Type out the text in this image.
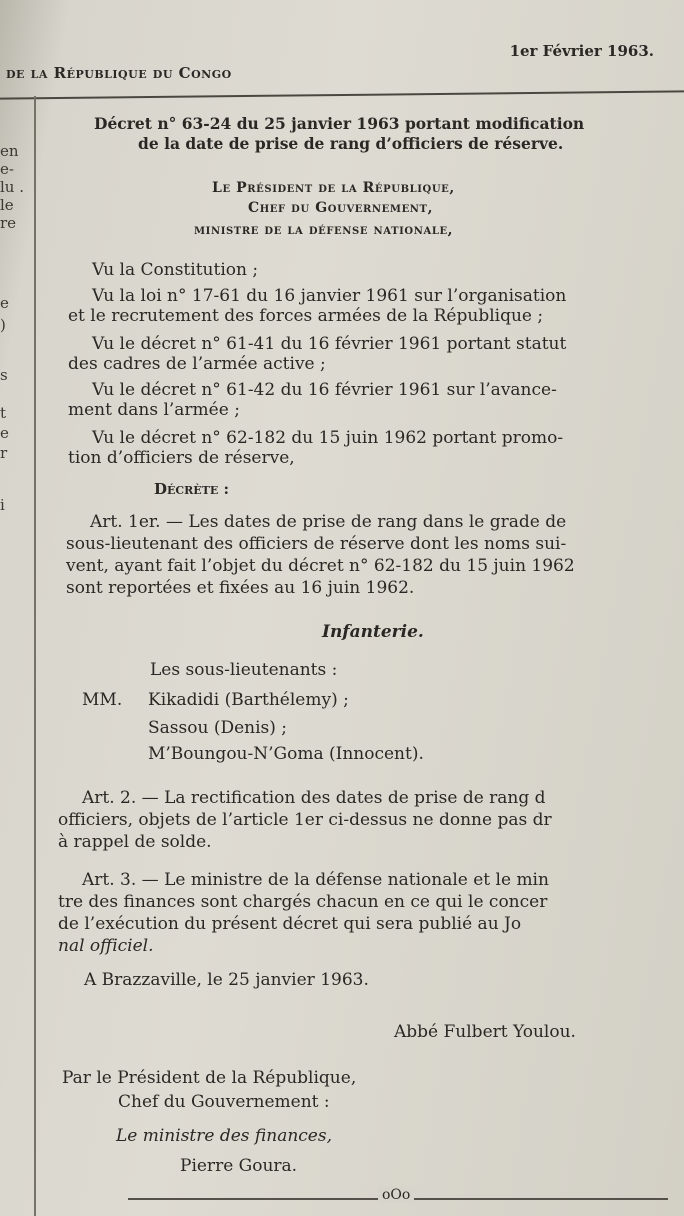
de la République du Congo
1er Février 1963.
en
e-
lu .
le
re
e
)
s
t
e
r
i
Décret n° 63-24 du 25 janvier 1963 portant modification
de la date de prise de rang d’officiers de réserve.
Le Président de la République,
Chef du Gouvernement,
ministre de la défense nationale,
Vu la Constitution ;
Vu la loi n° 17-61 du 16 janvier 1961 sur l’organisation
et le recrutement des forces armées de la République ;
Vu le décret n° 61-41 du 16 février 1961 portant statut
des cadres de l’armée active ;
Vu le décret n° 61-42 du 16 février 1961 sur l’avance-
ment dans l’armée ;
Vu le décret n° 62-182 du 15 juin 1962 portant promo-
tion d’officiers de réserve,
Décrète :
Art. 1er. — Les dates de prise de rang dans le grade de
sous-lieutenant des officiers de réserve dont les noms sui-
vent, ayant fait l’objet du décret n° 62-182 du 15 juin 1962
sont reportées et fixées au 16 juin 1962.
Infanterie.
Les sous-lieutenants :
MM. Kikadidi (Barthélemy) ;
Sassou (Denis) ;
M’Boungou-N’Goma (Innocent).
Art. 2. — La rectification des dates de prise de rang d
officiers, objets de l’article 1er ci-dessus ne donne pas dr
à rappel de solde.
Art. 3. — Le ministre de la défense nationale et le min
tre des finances sont chargés chacun en ce qui le concer
de l’exécution du présent décret qui sera publié au Jo
nal officiel.
A Brazzaville, le 25 janvier 1963.
Abbé Fulbert Youlou.
Par le Président de la République,
Chef du Gouvernement :
Le ministre des finances,
Pierre Goura.
oOo
